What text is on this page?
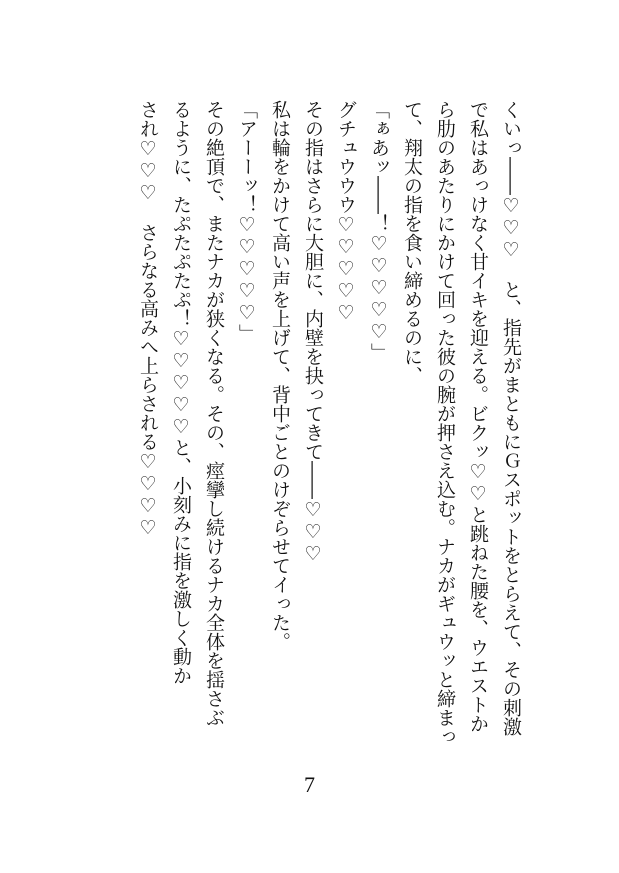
くいっ――♡♡♡　と、指先がまともにＧスポットをとらえて、その刺激
で私はあっけなく甘イキを迎える。ビクッ♡♡と跳ねた腰を、ウエストか
ら肋のあたりにかけて回った彼の腕が押さえ込む。ナカがギュウッと締まっ
て、翔太の指を食い締めるのに、
「ぁあッ――！♡♡♡♡♡」
グチュウウウ♡♡♡♡♡
その指はさらに大胆に、内壁を抉ってきて――♡♡♡
私は輪をかけて高い声を上げて、背中ごとのけぞらせてイった。
「アーーッ！♡♡♡♡♡」
その絶頂で、またナカが狭くなる。その、痙攣し続けるナカ全体を揺さぶ
るように、たぷたぷたぷ！♡♡♡♡♡と、小刻みに指を激しく動か
され♡♡♡　さらなる高みへ上らされる♡♡♡♡
7
